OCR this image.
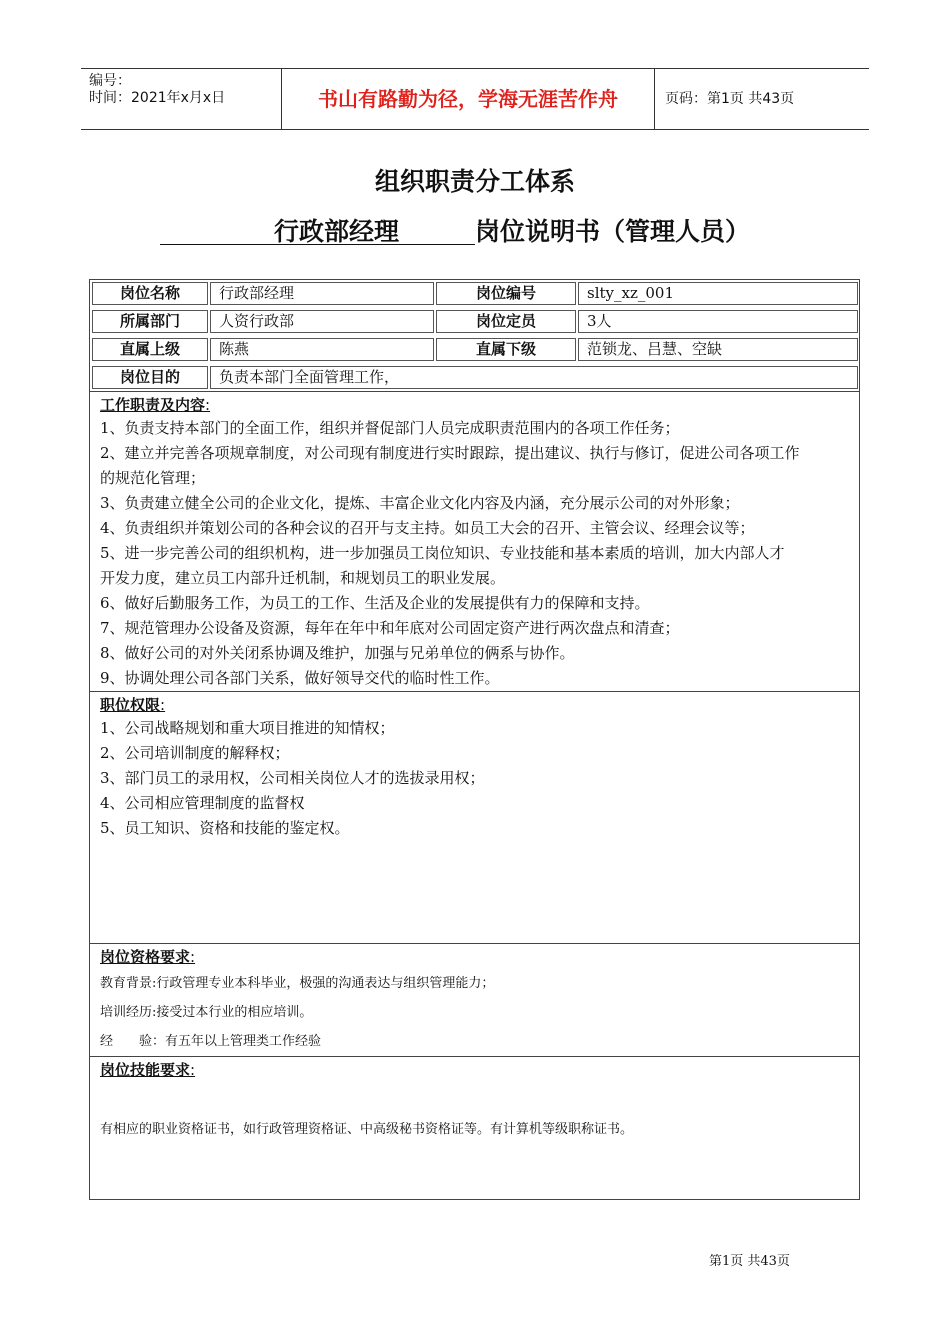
编号：
时间：2021年x月x日	书山有路勤为径，学海无涯苦作舟	页码：第1页 共43页
组织职责分工体系
行政部经理	岗位说明书（管理人员）
岗位名称	行政部经理	岗位编号	slty_xz_001
所属部门	人资行政部	岗位定员	3人
直属上级	陈燕	直属下级	范锁龙、吕慧、空缺
岗位目的	负责本部门全面管理工作，
工作职责及内容:
1、负责支持本部门的全面工作，组织并督促部门人员完成职责范围内的各项工作任务；
2、建立并完善各项规章制度，对公司现有制度进行实时跟踪，提出建议、执行与修订，促进公司各项工作
的规范化管理；
3、负责建立健全公司的企业文化，提炼、丰富企业文化内容及内涵，充分展示公司的对外形象；
4、负责组织并策划公司的各种会议的召开与支主持。如员工大会的召开、主管会议、经理会议等；
5、进一步完善公司的组织机构，进一步加强员工岗位知识、专业技能和基本素质的培训，加大内部人才
开发力度，建立员工内部升迁机制，和规划员工的职业发展。
6、做好后勤服务工作，为员工的工作、生活及企业的发展提供有力的保障和支持。
7、规范管理办公设备及资源，每年在年中和年底对公司固定资产进行两次盘点和清查；
8、做好公司的对外关闭系协调及维护，加强与兄弟单位的俩系与协作。
9、协调处理公司各部门关系，做好领导交代的临时性工作。
职位权限:
1、公司战略规划和重大项目推进的知情权；
2、公司培训制度的解释权；
3、部门员工的录用权，公司相关岗位人才的选拔录用权；
4、公司相应管理制度的监督权
5、员工知识、资格和技能的鉴定权。
岗位资格要求:
教育背景:行政管理专业本科毕业，极强的沟通表达与组织管理能力；
培训经历:接受过本行业的相应培训。
经　　验：有五年以上管理类工作经验
岗位技能要求:
有相应的职业资格证书，如行政管理资格证、中高级秘书资格证等。有计算机等级职称证书。
第1页 共43页
